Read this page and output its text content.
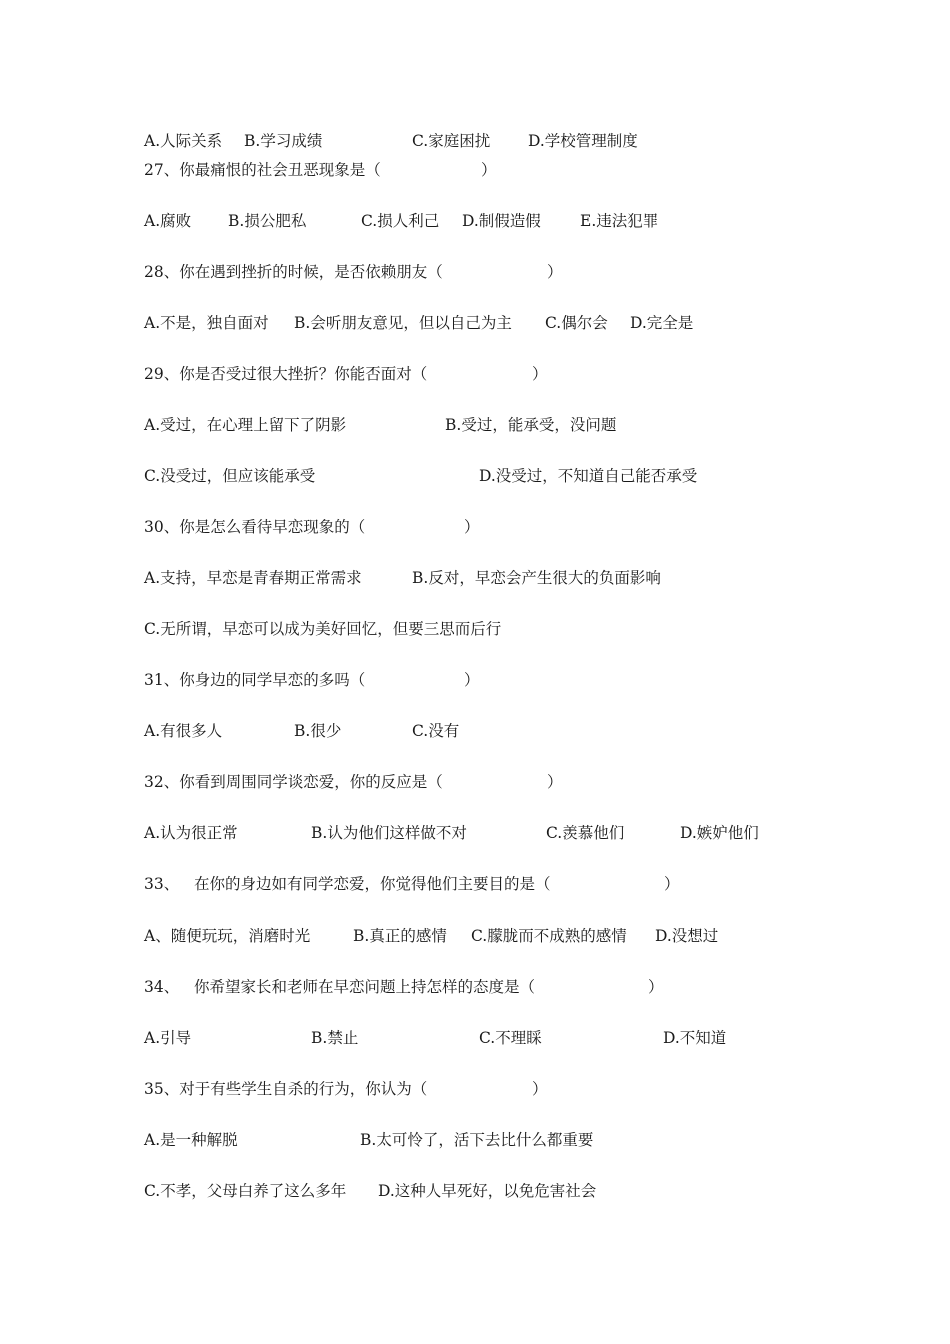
A.人际关系 B.学习成绩	C.家庭困扰 D.学校管理制度
27、你最痛恨的社会丑恶现象是（	）
A.腐败 B.损公肥私	C.损人利己 D.制假造假	E.违法犯罪
28、你在遇到挫折的时候，是否依赖朋友（	）
A.不是，独自面对 B.会听朋友意见，但以自己为主 C.偶尔会 D.完全是
29、你是否受过很大挫折？你能否面对（	）
A.受过，在心理上留下了阴影	B.受过，能承受，没问题
C.没受过，但应该能承受	D.没受过，不知道自己能否承受
30、你是怎么看待早恋现象的（	）
A.支持，早恋是青春期正常需求	B.反对，早恋会产生很大的负面影响
C.无所谓，早恋可以成为美好回忆，但要三思而后行
31、你身边的同学早恋的多吗（	）
A.有很多人	B.很少	C.没有
32、你看到周围同学谈恋爱，你的反应是（	）
A.认为很正常	B.认为他们这样做不对	C.羡慕他们	D.嫉妒他们
33、 在你的身边如有同学恋爱，你觉得他们主要目的是（	）
A、随便玩玩，消磨时光	B.真正的感情 C.朦胧而不成熟的感情 D.没想过
34、 你希望家长和老师在早恋问题上持怎样的态度是（	）
A.引导	B.禁止	C.不理睬	D.不知道
35、对于有些学生自杀的行为，你认为（	）
A.是一种解脱	B.太可怜了，活下去比什么都重要
C.不孝，父母白养了这么多年 D.这种人早死好，以免危害社会
